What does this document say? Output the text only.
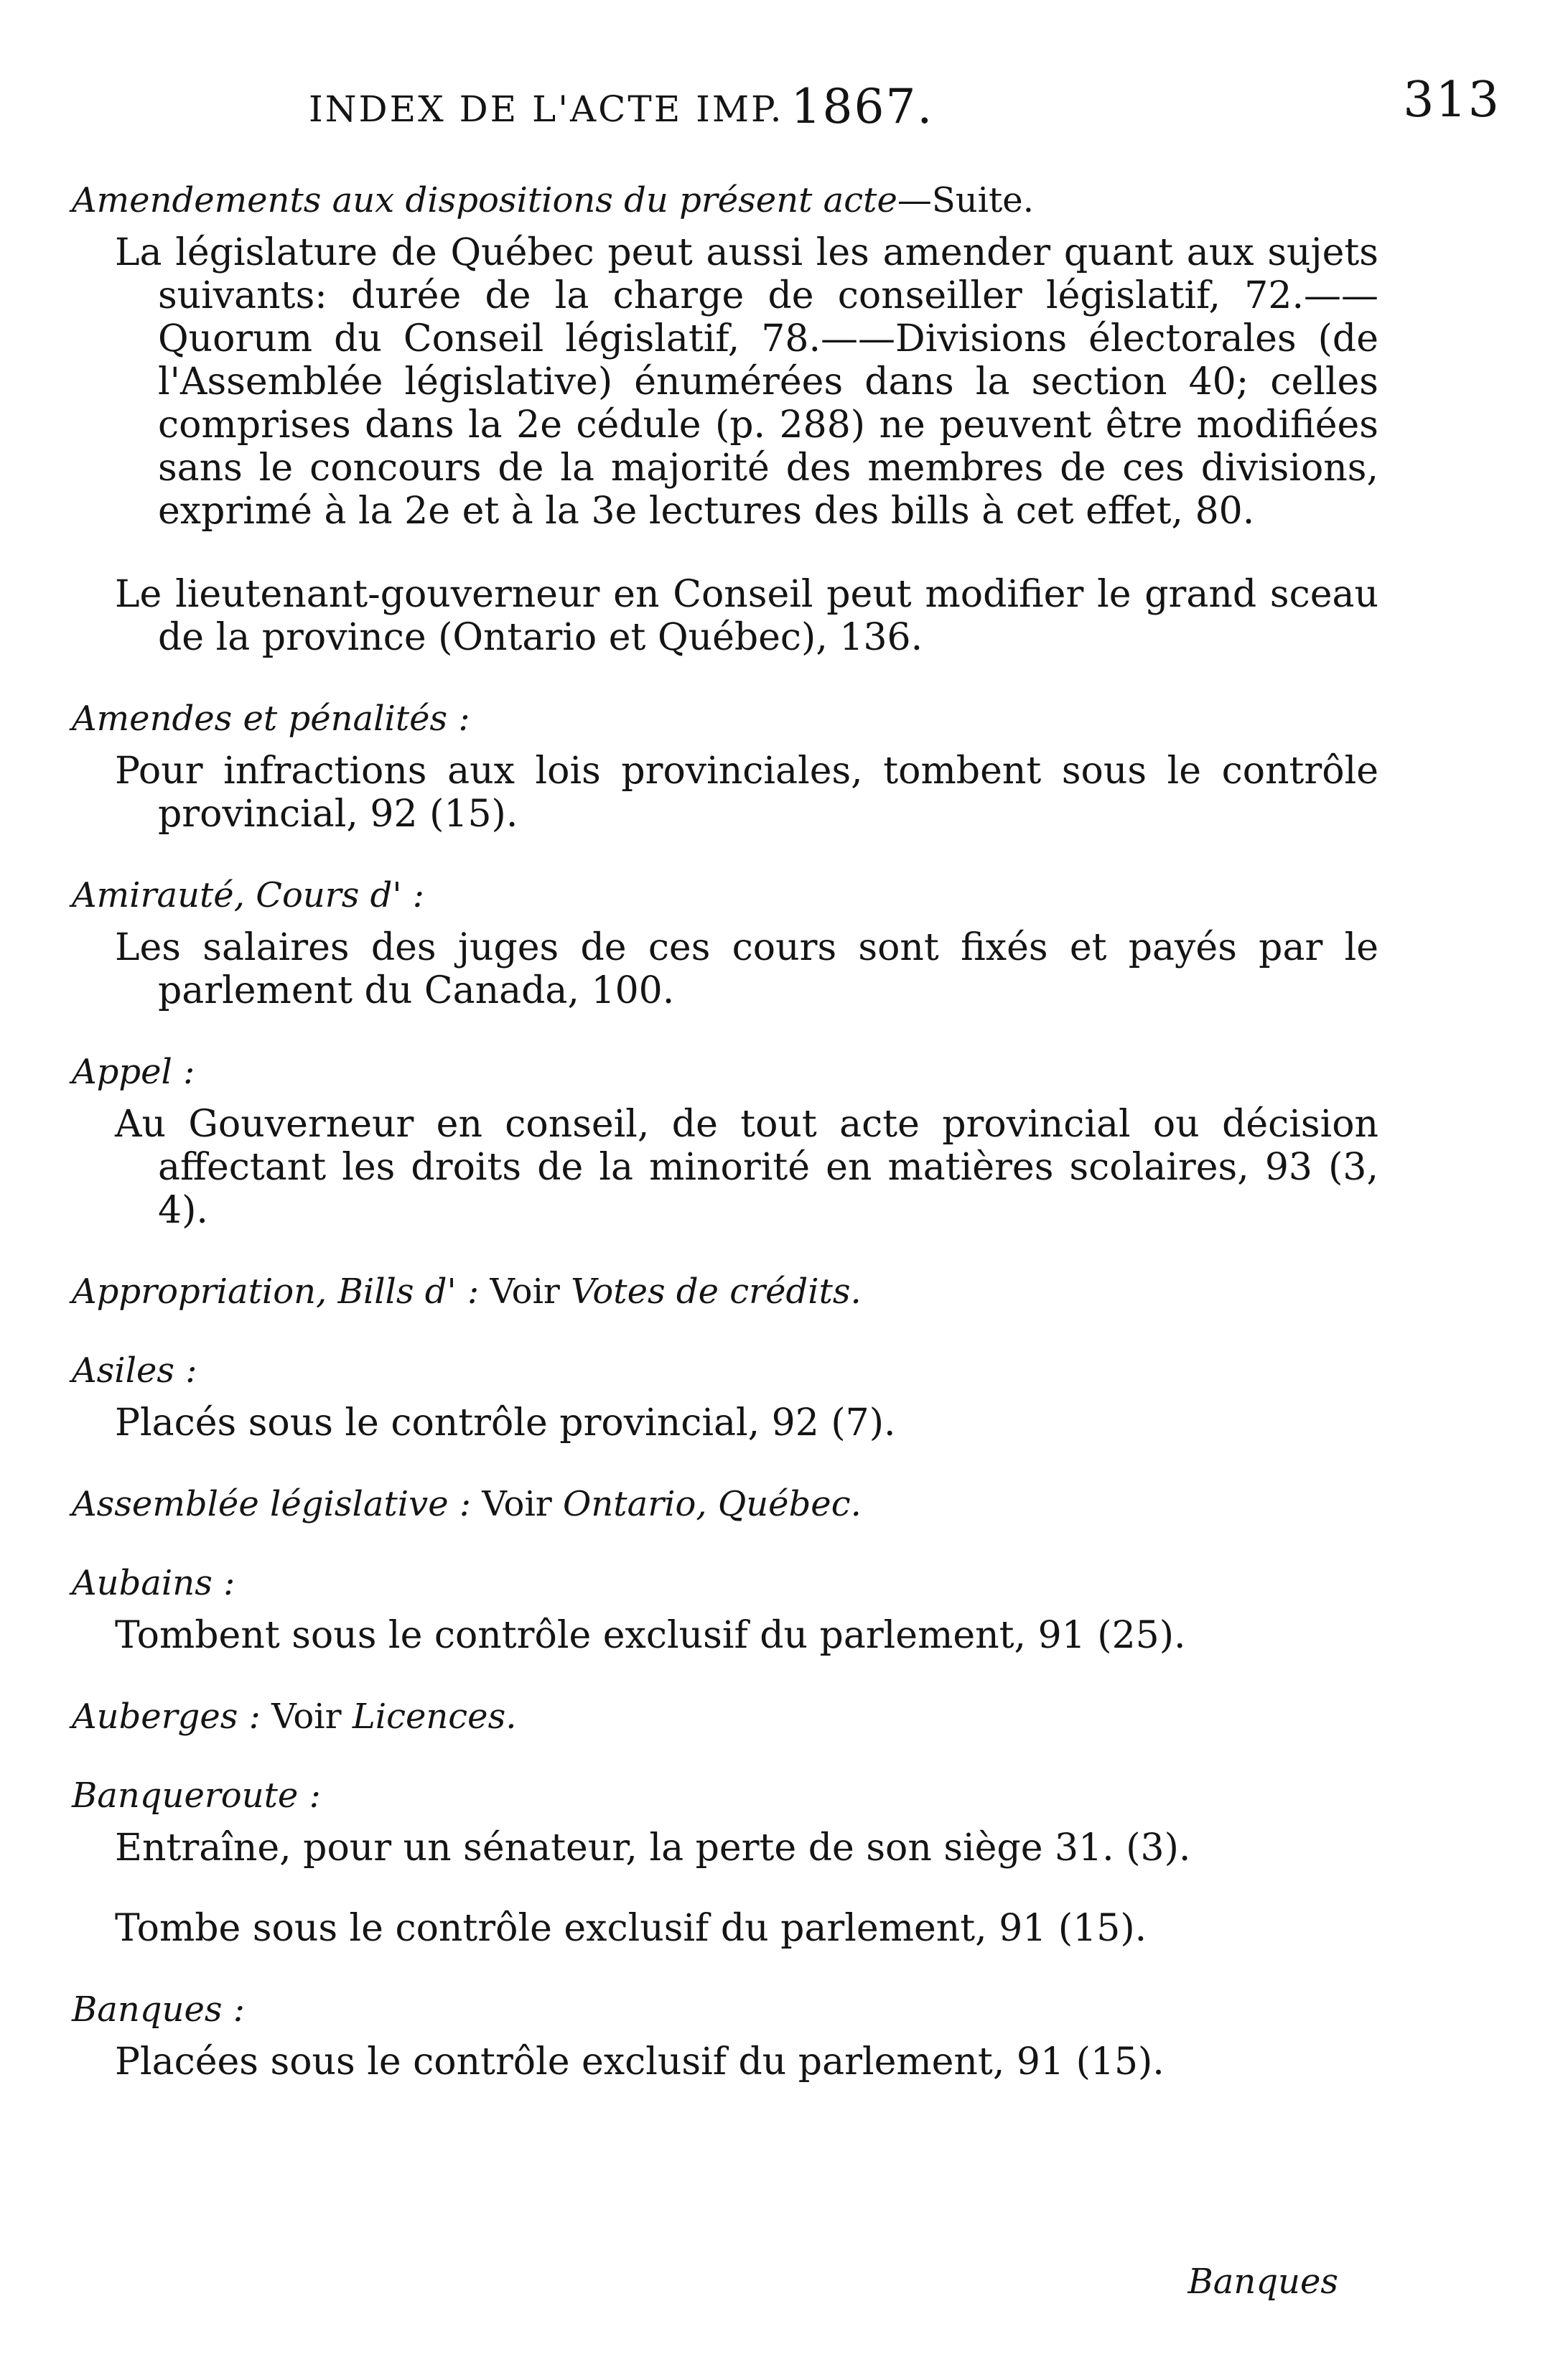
INDEX DE L'ACTE IMP. 1867.	313
Amendements aux dispositions du présent acte—Suite.

La législature de Québec peut aussi les amender quant aux sujets suivants: durée de la charge de conseiller législatif, 72.——Quorum du Conseil législatif, 78.——Divisions électorales (de l'Assemblée législative) énumérées dans la section 40; celles comprises dans la 2e cédule (p. 288) ne peuvent être modifiées sans le concours de la majorité des membres de ces divisions, exprimé à la 2e et à la 3e lectures des bills à cet effet, 80.

Le lieutenant-gouverneur en Conseil peut modifier le grand sceau de la province (Ontario et Québec), 136.

Amendes et pénalités :

Pour infractions aux lois provinciales, tombent sous le contrôle provincial, 92 (15).

Amirauté, Cours d' :

Les salaires des juges de ces cours sont fixés et payés par le parlement du Canada, 100.

Appel :

Au Gouverneur en conseil, de tout acte provincial ou décision affectant les droits de la minorité en matières scolaires, 93 (3, 4).

Appropriation, Bills d' : Voir Votes de crédits.
Asiles :

Placés sous le contrôle provincial, 92 (7).

Assemblée législative : Voir Ontario, Québec.
Aubains :

Tombent sous le contrôle exclusif du parlement, 91 (25).

Auberges : Voir Licences.
Banqueroute :

Entraîne, pour un sénateur, la perte de son siège 31. (3).

Tombe sous le contrôle exclusif du parlement, 91 (15).

Banques :

Placées sous le contrôle exclusif du parlement, 91 (15).

Banques
